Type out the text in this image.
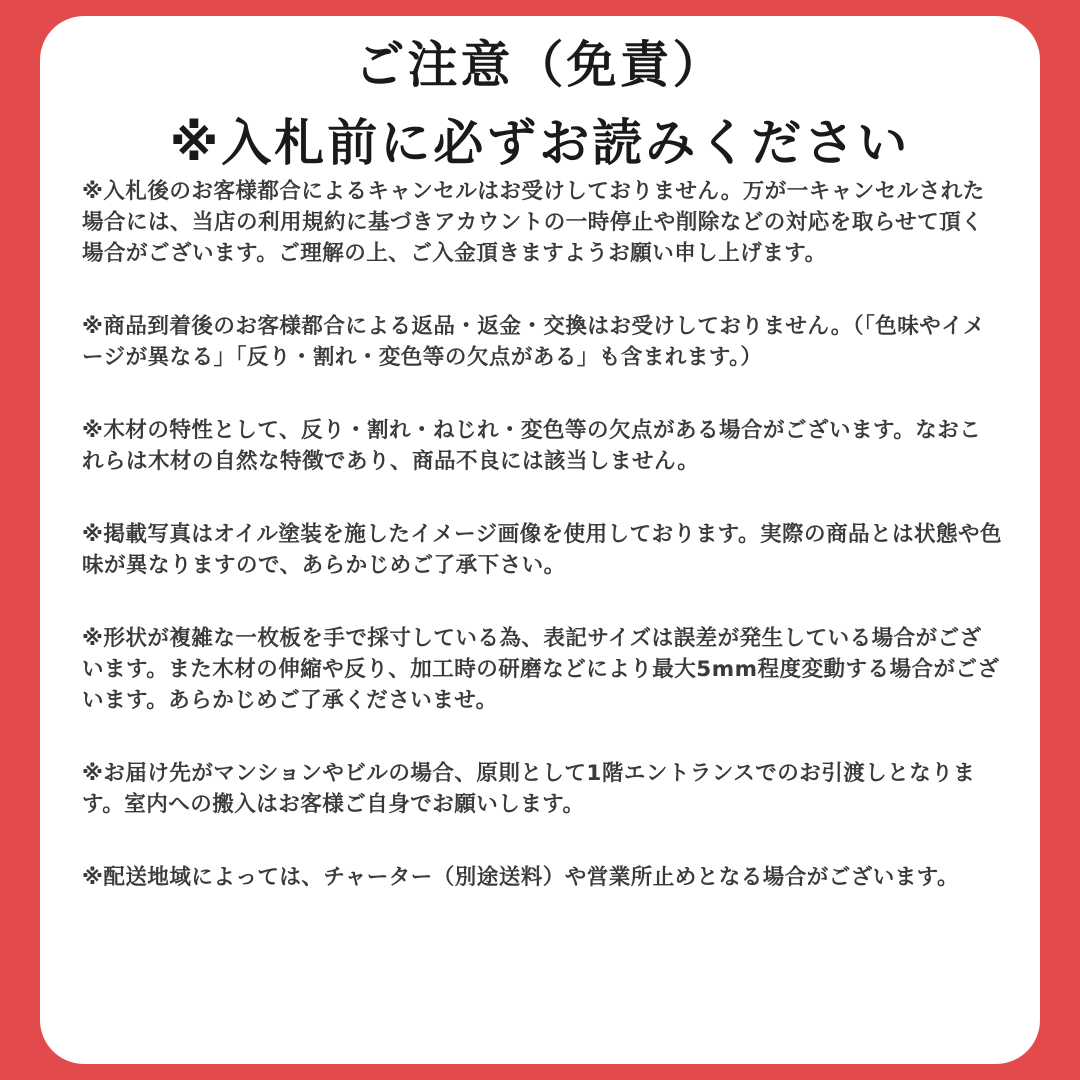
ご注意（免責）
※入札前に必ずお読みください
※入札後のお客様都合によるキャンセルはお受けしておりません。万が一キャンセルされた場合には、当店の利用規約に基づきアカウントの一時停止や削除などの対応を取らせて頂く場合がございます。ご理解の上、ご入金頂きますようお願い申し上げます。
※商品到着後のお客様都合による返品・返金・交換はお受けしておりません。（「色味やイメージが異なる」「反り・割れ・変色等の欠点がある」も含まれます。）
※木材の特性として、反り・割れ・ねじれ・変色等の欠点がある場合がございます。なおこれらは木材の自然な特徴であり、商品不良には該当しません。
※掲載写真はオイル塗装を施したイメージ画像を使用しております。実際の商品とは状態や色味が異なりますので、あらかじめご了承下さい。
※形状が複雑な一枚板を手で採寸している為、表記サイズは誤差が発生している場合がございます。また木材の伸縮や反り、加工時の研磨などにより最大5mm程度変動する場合がございます。あらかじめご了承くださいませ。
※お届け先がマンションやビルの場合、原則として1階エントランスでのお引渡しとなります。室内への搬入はお客様ご自身でお願いします。
※配送地域によっては、チャーター（別途送料）や営業所止めとなる場合がございます。
